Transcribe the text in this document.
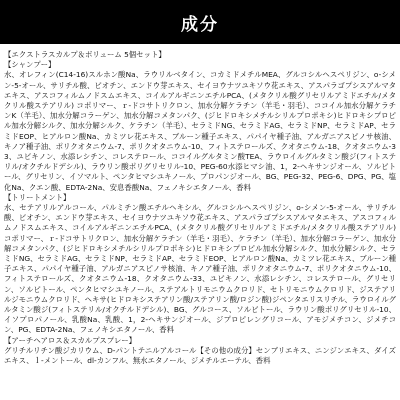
成分

【エクストラスカルプ＆ボリューム 5個セット】

【シャンプー】

水、オレフィン(C14-16)スルホン酸Na、ラウリルベタイン、コカミドメチルMEA、グルコシルヘスペリジン、o-シメン-5-オール、サリチル酸、ビオチン、エンドウ芽エキス、セイヨウナツユキソウ花エキス、アスパラゴプシスアルマタエキス、アスコフィルムノドスムエキス、コイルアルギニンエチルPCA、(メタクリル酸グリセリルアミドエチル/メタクリル酸ステアリル) コポリマー、ｒ-ドコサトリクロン、加水分解ケラチン（羊毛・羽毛）、ココイル加水分解ケラチンK（羊毛）、加水分解コラーゲン、加水分解コメタンパク、(ジヒドロキシメチルシリルプロポキシ)ヒドロキシプロピル加水分解シルク、加水分解シルク、ケラチン（羊毛）、セラミドNG、セラミドAG、セラミドNP、セラミドAP、セラミドEOP、ヒアルロン酸Na、カミツレ花エキス、ブルーン種子エキス、パパイヤ種子油、アルガニアスピノサ核油、キノア種子油、ポリクオタニウム-7、ポリクオタニウム-10、フィトステロールズ、クオタニウム-18、クオタニウム-33、ユビキノン、水添レシチン、コレステロール、ココイルグルタミン酸TEA、ラウロイルグルタミン酸ジ(フィトステリル/オクチルドデシル)、ラウリン酸ポリグリセリル-10、PEG-60水添ヒマシ油、1，2-ヘキサンジオール、ソルビトール、グリセリン、イソマルト、ペンタヒマシユキノール、プロパンジオール、BG、PEG-32、PEG-6、DPG、PG、塩化Na、クエン酸、EDTA-2Na、安息香酸Na、フェノキシエタノール、香料

【トリートメント】

水、セテアリルアルコール、パルミチン酸エチルヘキシル、グルコシルヘスペリジン、o-シメン-5-オール、サリチル酸、ビオチン、エンドウ芽エキス、セイヨウナツユキソウ花エキス、アスパラゴプシスアルマタエキス、アスコフィルムノドスムエキス、コイルアルギニンエチルPCA、(メタクリル酸グリセリルアミドエチル/メタクリル酸ステアリル) コポリマー、ｒ-ドコサトリクロン、加水分解ケラチン（羊毛・羽毛）、ケラチン（羊毛）、加水分解コラーゲン、加水分解コメタンパク、(ジヒドロキシメチルシリルプロポキシ)ヒドロキシプロピル加水分解シルク、加水分解シルク、セラミドNG、セラミドAG、セラミドNP、セラミドAP、セラミドEOP、ヒアルロン酸Na、カミツレ花エキス、ブルーン種子エキス、パパイヤ種子油、アルガニアスピノサ核油、キノア種子油、ポリクオタニウム-7、ポリクオタニウム-10、フィトステロールズ、クオタニウム-18、クオタニウム-33、ユビキノン、水添レシチン、コレステロール、グリセリン、ソルビトール、ペンタヒマシユキノール、ステアルトリモニウムクロリド、セトリモニウムクロリド、ジステアリルジモニウムクロリド、ヘキサ(ヒドロキシステアリン酸/ステアリン酸/ロジン酸)ジペンタエリスリチル、ラウロイルグルタミン酸ジ(フィトステリル/オクチルドデシル)、BG、グルコース、ソルビトール、ラウリン酸ポリグリセリル-10、イソプロパノール、乳酸Na、乳酸、1，2-ヘキサンジオール、ジプロピレングリコール、アモジメチコン、ジメチコン、PG、EDTA-2Na、フェノキシエタノール、香料

【アーチヘアロス＆スカルプスプレー】

グリチルリチン酸ジカリウム、D-パントテニルアルコール【その他の成分】センブリエキス、ニンジンエキス、ダイズエキス、ｌ-メントール、dl-カンフル、無水エタノール、ジメチルエーテル、香料
